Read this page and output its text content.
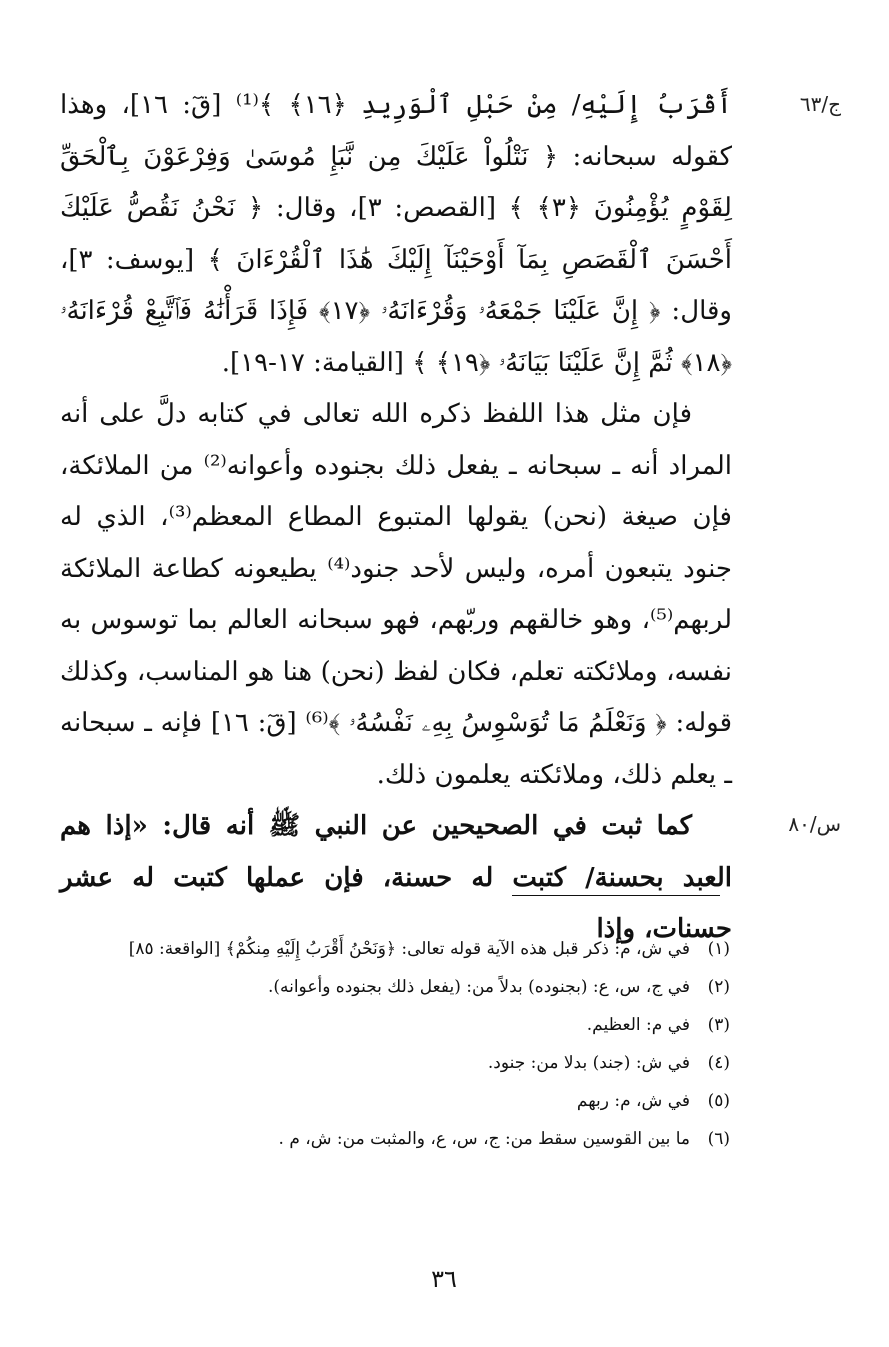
ج/٦٣
س/٨٠

أَقْرَبُ إِلَيْهِ/ مِنْ حَبْلِ ٱلْوَرِيدِ ﴿١٦﴾ ﴾⁽¹⁾ [قٓ: ١٦]، وهذا كقوله سبحانه: ﴿ نَتْلُواْ عَلَيْكَ مِن نَّبَإِ مُوسَىٰ وَفِرْعَوْنَ بِٱلْحَقِّ لِقَوْمٍ يُؤْمِنُونَ ﴿٣﴾ ﴾ [القصص: ٣]، وقال: ﴿ نَحْنُ نَقُصُّ عَلَيْكَ أَحْسَنَ ٱلْقَصَصِ بِمَآ أَوْحَيْنَآ إِلَيْكَ هَٰذَا ٱلْقُرْءَانَ ﴾ [يوسف: ٣]، وقال: ﴿ إِنَّ عَلَيْنَا جَمْعَهُۥ وَقُرْءَانَهُۥ ﴿١٧﴾ فَإِذَا قَرَأْنَٰهُ فَٱتَّبِعْ قُرْءَانَهُۥ ﴿١٨﴾ ثُمَّ إِنَّ عَلَيْنَا بَيَانَهُۥ ﴿١٩﴾ ﴾ [القيامة: ١٧-١٩].

فإن مثل هذا اللفظ ذكره الله تعالى في كتابه دلَّ على أنه المراد أنه ـ سبحانه ـ يفعل ذلك بجنوده وأعوانه⁽²⁾ من الملائكة، فإن صيغة (نحن) يقولها المتبوع المطاع المعظم⁽³⁾، الذي له جنود يتبعون أمره، وليس لأحد جنود⁽⁴⁾ يطيعونه كطاعة الملائكة لربهم⁽⁵⁾، وهو خالقهم وربّهم، فهو سبحانه العالم بما توسوس به نفسه، وملائكته تعلم، فكان لفظ (نحن) هنا هو المناسب، وكذلك قوله: ﴿ وَنَعْلَمُ مَا تُوَسْوِسُ بِهِۦ نَفْسُهُۥ ﴾⁽⁶⁾ [قٓ: ١٦] فإنه ـ سبحانه ـ يعلم ذلك، وملائكته يعلمون ذلك.

كما ثبت في الصحيحين عن النبي ﷺ أنه قال: «إذا هم العبد بحسنة/ كتبت له حسنة، فإن عملها كتبت له عشر حسنات، وإذا

(١)
في ش، م: ذكر قبل هذه الآية قوله تعالى: ﴿وَنَحْنُ أَقْرَبُ إِلَيْهِ مِنكُمْ﴾ [الواقعة: ٨٥]
(٢)
في ج، س، ع: (بجنوده) بدلاً من: (يفعل ذلك بجنوده وأعوانه).
(٣)
في م: العظيم.
(٤)
في ش: (جند) بدلا من: جنود.
(٥)
في ش، م: ربهم
(٦)
ما بين القوسين سقط من: ج، س، ع، والمثبت من: ش، م .
٣٦
